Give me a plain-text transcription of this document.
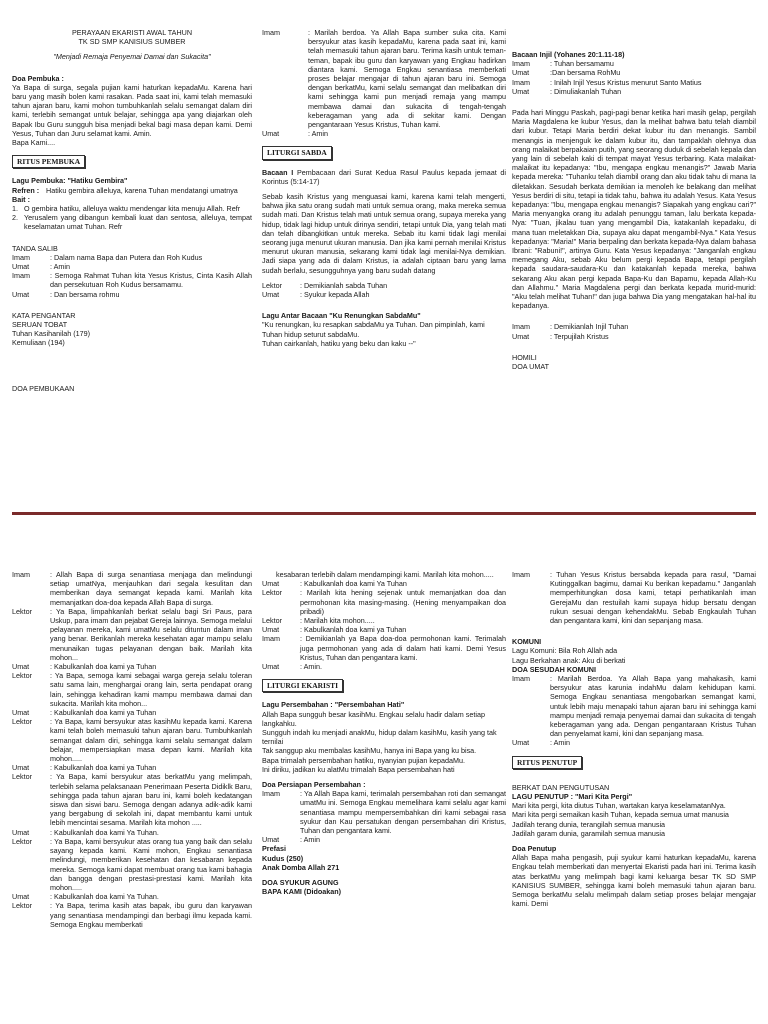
PERAYAAN EKARISTI AWAL TAHUN
TK SD SMP KANISIUS SUMBER
"Menjadi Remaja Penyemai Damai dan Sukacita"
Doa Pembuka :
Ya Bapa di surga, segala pujian kami haturkan kepadaMu. Karena hari baru yang masih bolen kami rasakan. Pada saat ini, kami telah memasuki tahun ajaran baru, kami mohon tumbuhkanlah selalu semangat dalam diri kami, terlebih semangat untuk belajar, sehingga apa yang diajarkan oleh Bapak Ibu Guru sungguh bisa menjadi bekal bagi masa depan kami. Demi Yesus, Tuhan dan Juru selamat kami. Amin.
Bapa Kami....
RITUS PEMBUKA
Lagu Pembuka: "Hatiku Gembira"
Refren : Hatiku gembira alleluya, karena Tuhan mendatangi umatnya
Bait :
1. O gembira hatiku, alleluya waktu mendengar kita menuju Allah. Refr
2. Yerusalem yang dibangun kembali kuat dan sentosa, alleluya, tempat keselamatan umat Tuhan. Refr
TANDA SALIB
Imam	: Dalam nama Bapa dan Putera dan Roh Kudus
Umat	: Amin
Imam	: Semoga Rahmat Tuhan kita Yesus Kristus, Cinta Kasih Allah dan persekutuan Roh Kudus bersamamu.
Umat	: Dan bersama rohmu
KATA PENGANTAR
SERUAN TOBAT
Tuhan Kasihanilah (179)
Kemuliaan (194)
DOA PEMBUKAAN
Imam	: Marilah berdoa. Ya Allah Bapa sumber suka cita. Kami bersyukur atas kasih kepadaMu, karena pada saat ini, kami telah memasuki tahun ajaran baru. Terima kasih untuk teman-teman, bapak ibu guru dan karyawan yang Engkau hadirkan diantara kami. Semoga Engkau senantiasa memberkati proses belajar mengajar di tahun ajaran baru ini. Semoga dengan berkatMu, kami selalu semangat dan melibatkan diri kami sehingga kami pun menjadi remaja yang mampu membawa damai dan sukacita di tengah-tengah keberagaman yang ada di sekitar kami. Dengan pengantaraan Yesus Kristus, Tuhan kami.
Umat	: Amin
LITURGI SABDA
Bacaan I Pembacaan dari Surat Kedua Rasul Paulus kepada jemaat di Korintus (5:14-17)
Sebab kasih Kristus yang menguasai kami, karena kami telah mengerti, bahwa jika satu orang sudah mati untuk semua orang, maka mereka semua sudah mati. Dan Kristus telah mati untuk semua orang, supaya mereka yang hidup, tidak lagi hidup untuk dirinya sendiri, tetapi untuk Dia, yang telah mati dan telah dibangkitkan untuk mereka. Sebab itu kami tidak lagi menilai seorang juga menurut ukuran manusia. Dan jika kami pernah menilai Kristus menurut ukuran manusia, sekarang kami tidak lagi menilai-Nya demikian. Jadi siapa yang ada di dalam Kristus, ia adalah ciptaan baru yang lama sudah berlalu, sesungguhnya yang baru sudah datang
Lektor	: Demikianlah sabda Tuhan
Umat	: Syukur kepada Allah
Lagu Antar Bacaan "Ku Renungkan SabdaMu"
"Ku renungkan, ku resapkan sabdaMu ya Tuhan. Dan pimpinlah, kami Tuhan hidup seturut sabdaMu.
Tuhan cairkanlah, hatiku yang beku dan kaku --"
Bacaan Injil (Yohanes 20:1.11-18)
Imam	: Tuhan bersamamu
Umat	:Dan bersama RohMu
Imam	: Inilah Injil Yesus Kristus menurut Santo Matius
Umat	: Dimuliakanlah Tuhan
Pada hari Minggu Paskah, pagi-pagi benar ketika hari masih gelap, pergilah Maria Magdalena ke kubur Yesus, dan la melihat bahwa batu telah diambil dari kubur. Tetapi Maria berdiri dekat kubur itu dan menangis. Sambil menangis ia menjenguk ke dalam kubur itu, dan tampaklah olehnya dua orang malaikat berpakaian putih, yang seorang duduk di sebelah kepala dan yang lain di sebelah kaki di tempat mayat Yesus terbaring. Kata malaikat-malaikat itu kepadanya: "Ibu, mengapa engkau menangis?" Jawab Maria kepada mereka: "Tuhanku telah diambil orang dan aku tidak tahu di mana Ia diletakkan. Sesudah berkata demikian ia menoleh ke belakang dan melihat Yesus berdiri di situ, tetapi ia tidak tahu, bahwa itu adalah Yesus. Kata Yesus kepadanya: "Ibu, mengapa engkau menangis? Siapakah yang engkau cari?" Maria menyangka orang itu adalah penunggu taman, lalu berkata kepada-Nya: "Tuan, jikalau tuan yang mengambil Dia, katakanlah kepadaku, di mana tuan meletakkan Dia, supaya aku dapat mengambil-Nya." Kata Yesus kepadanya: "Maria!" Maria berpaling dan berkata kepada-Nya dalam bahasa Ibrani: "Rabuni!", artinya Guru. Kata Yesus kepadanya: "Janganlah engkau memegang Aku, sebab Aku belum pergi kepada Bapa, tetapi pergilah kepada saudara-saudara-Ku dan katakanlah kepada mereka, bahwa sekarang Aku akan pergi kepada Bapa-Ku dan Bapamu, kepada Allah-Ku dan Allahmu." Maria Magdalena pergi dan berkata kepada murid-murid: "Aku telah melihat Tuhan!" dan juga bahwa Dia yang mengatakan hal-hal itu kepadanya.
Imam	: Demikianlah Injil Tuhan
Umat	: Terpujilah Kristus
HOMILI
DOA UMAT
Imam	: Allah Bapa di surga senantiasa menjaga dan melindungi setiap umatNya, menjauhkan dari segala kesulitan dan memberikan daya semangat kepada kami. Marilah kita memanjatkan doa-doa kepada Allah Bapa di surga.
Lektor	: Ya Bapa, limpahkanlah berkat selalu bagi Sri Paus, para Uskup, para imam dan pejabat Gereja lainnya. Semoga melalui pelayanan mereka, kami umatMu selalu dituntun dalam iman yang benar. Berikanlah mereka kesehatan agar mampu selalu menunaikan tugas pelayanan dengan baik. Marilah kita mohon...
Umat	: Kabulkanlah doa kami ya Tuhan
Lektor	: Ya Bapa, semoga kami sebagai warga gereja selalu toleran satu sama lain, menghargai orang lain, serta pendapat orang lain, sehingga kehadiran kami mampu membawa damai dan sukacita. Marilah kita mohon...
Umat	: Kabulkanlah doa kami ya Tuhan
Lektor	: Ya Bapa, kami bersyukur atas kasihMu kepada kami. Karena kami telah boleh memasuki tahun ajaran baru. Tumbuhkanlah semangat dalam diri, sehingga kami selalu semangat dalam belajar, mempersiapkan masa depan kami. Marilah kita mohon.....
Umat	: Kabulkanlah doa kami ya Tuhan
Lektor	: Ya Bapa, kami bersyukur atas berkatMu yang melimpah, terlebih selama pelaksanaan Penerimaan Peserta Didiklk Baru, sehingga pada tahun ajaran baru ini, kami boleh kedatangan siswa dan siswi baru. Semoga dengan adanya adik-adik kami yang bergabung di sekolah ini, dapat membantu kami untuk lebih mencintai sesama. Marilah kita mohon .....
Umat	: Kabulkanlah doa kami Ya Tuhan.
Lektor	: Ya Bapa, kami bersyukur atas orang tua yang baik dan selalu sayang kepada kami. Kami mohon, Engkau senantiasa melindungi, memberikan kesehatan dan kesabaran kepada mereka. Semoga kami dapat membuat orang tua kami bahagia dan bangga dengan prestasi-prestasi kami. Marilah kita mohon.....
Umat	: Kabulkanlah doa kami Ya Tuhan.
Lektor	: Ya Bapa, terima kasih atas bapak, ibu guru dan karyawan yang senantiasa mendampingi dan berbagi ilmu kepada kami. Semoga Engkau memberkati
kesabaran terlebih dalam mendampingi kami. Marilah kita mohon.....
Umat	: Kabulkanlah doa kami Ya Tuhan
Lektor	: Marilah kita hening sejenak untuk memanjatkan doa dan permohonan kita masing-masing. (Hening menyampaikan doa pribadi)
Lektor	: Marilah kita mohon.....
Umat	: Kabulkanlah doa kami ya Tuhan
Imam	: Demikianlah ya Bapa doa-doa permohonan kami. Terimalah juga permohonan yang ada di dalam hati kami. Demi Yesus Kristus, Tuhan dan pengantara kami.
Umat	: Amin.
LITURGI EKARISTI
Lagu Persembahan : "Persembahan Hati"
Allah Bapa sungguh besar kasihMu. Engkau selalu hadir dalam setiap langkahku.
Sungguh indah ku menjadi anakMu, hidup dalam kasihMu, kasih yang tak ternilai
Tak sanggup aku membalas kasihMu, hanya ini Bapa yang ku bisa.
Bapa trimalah persembahan hatiku, nyanyian pujian kepadaMu.
Ini diriku, jadikan ku alatMu trimalah Bapa persembahan hati
Doa Persiapan Persembahan :
Imam	: Ya Allah Bapa kami, terimalah persembahan roti dan semangat umatMu ini. Semoga Engkau memelihara kami selalu agar kami senantiasa mampu mempersembahkan diri kami sebagai rasa syukur dan Kau persatukan dengan persembahan diri Kristus, Tuhan dan pengantara kami.
Umat	: Amin
Prefasi
Kudus (250)
Anak Domba Allah 271
DOA SYUKUR AGUNG
BAPA KAMI (Didoakan)
Imam	: Tuhan Yesus Kristus bersabda kepada para rasul, "Damai Kutinggalkan bagimu, damai Ku berikan kepadamu." Janganlah memperhitungkan dosa kami, tetapi perhatikanlah iman GerejaMu dan restuilah kami supaya hidup bersatu dengan rukun sesuai dengan kehendakMu. Sebab Engkaulah Tuhan dan pengantara kami, kini dan sepanjang masa.
KOMUNI
Lagu Komuni: Bila Roh Allah ada
Lagu Berkahan anak: Aku di berkati
DOA SESUDAH KOMUNI
Imam	: Marilah Berdoa. Ya Allah Bapa yang mahakasih, kami bersyukur atas karunia indahMu dalam kehidupan kami. Semoga Engkau senantiasa mengobarkan semangat kami, untuk lebih maju menapaki tahun ajaran baru ini sehingga kami mampu menjadi remaja penyemai damai dan sukacita di tengah keberagaman yang ada. Dengan pengantaraan Kristus Tuhan dan penyelamat kami, kini dan sepanjang masa.
Umat	: Amin
RITUS PENUTUP
BERKAT DAN PENGUTUSAN
LAGU PENUTUP : "Mari Kita Pergi"
Mari kita pergi, kita diutus Tuhan, wartakan karya keselamatanNya.
Mari kita pergi semaikan kasih Tuhan, kepada semua umat manusia
Jadilah terang dunia, terangilah semua manusia
Jadilah garam dunia, garamilah semua manusia
Doa Penutup
Allah Bapa maha pengasih, puji syukur kami haturkan kepadaMu, karena Engkau telah memberkati dan menyertai Ekaristi pada hari ini. Terima kasih atas berkatMu yang melimpah bagi kami keluarga besar TK SD SMP KANISIUS SUMBER, sehingga kami boleh memasuki tahun ajaran baru. Semoga berkatMu selalu melimpah dalam setiap proses belajar mengajar kami. Demi
